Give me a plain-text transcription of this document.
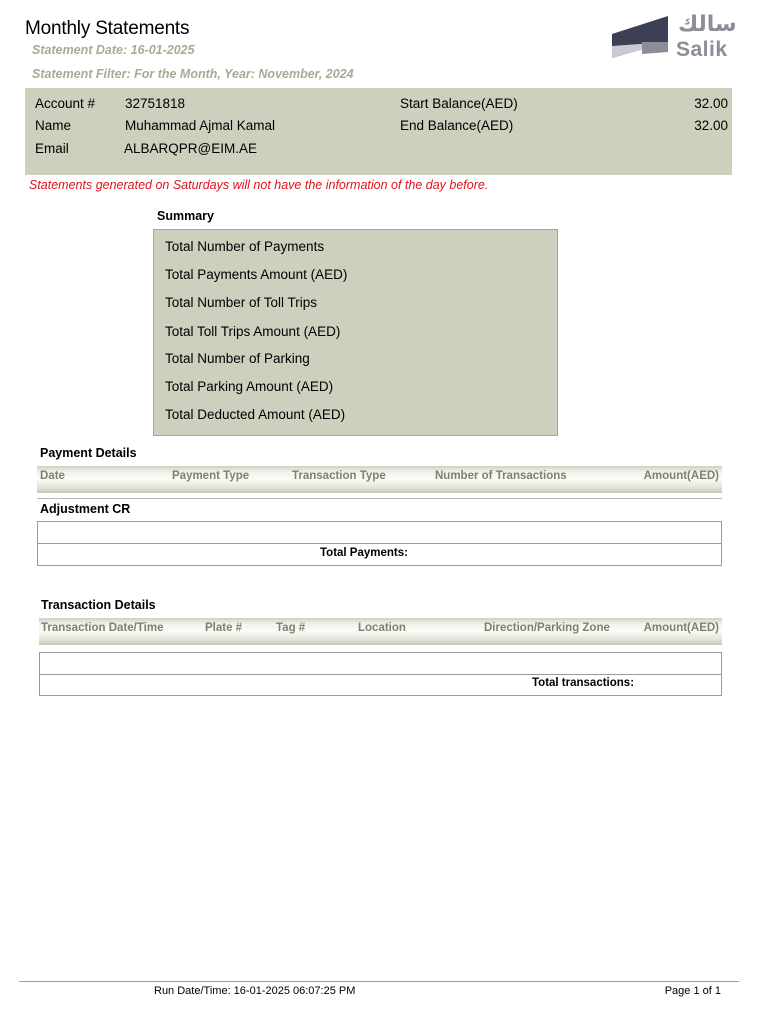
Monthly Statements
Statement Date: 16-01-2025
Statement Filter: For the Month, Year: November, 2024
سالك
Salik
Account # 32751818
Name	Muhammad Ajmal Kamal
Email	ALBARQPR@EIM.AE
Start Balance(AED)	32.00
End Balance(AED)	32.00
Statements generated on Saturdays will not have the information of the day before.
Summary
Total Number of Payments
Total Payments Amount (AED)
Total Number of Toll Trips
Total Toll Trips Amount (AED)
Total Number of Parking
Total Parking Amount (AED)
Total Deducted Amount (AED)
Payment Details
Date	Payment Type	Transaction Type	Number of Transactions	Amount(AED)
Adjustment CR
Total Payments:
Transaction Details
Transaction Date/Time	Plate #	Tag #	Location	Direction/Parking Zone	Amount(AED)
Total transactions:
Run Date/Time: 16-01-2025 06:07:25 PM	Page 1 of 1
